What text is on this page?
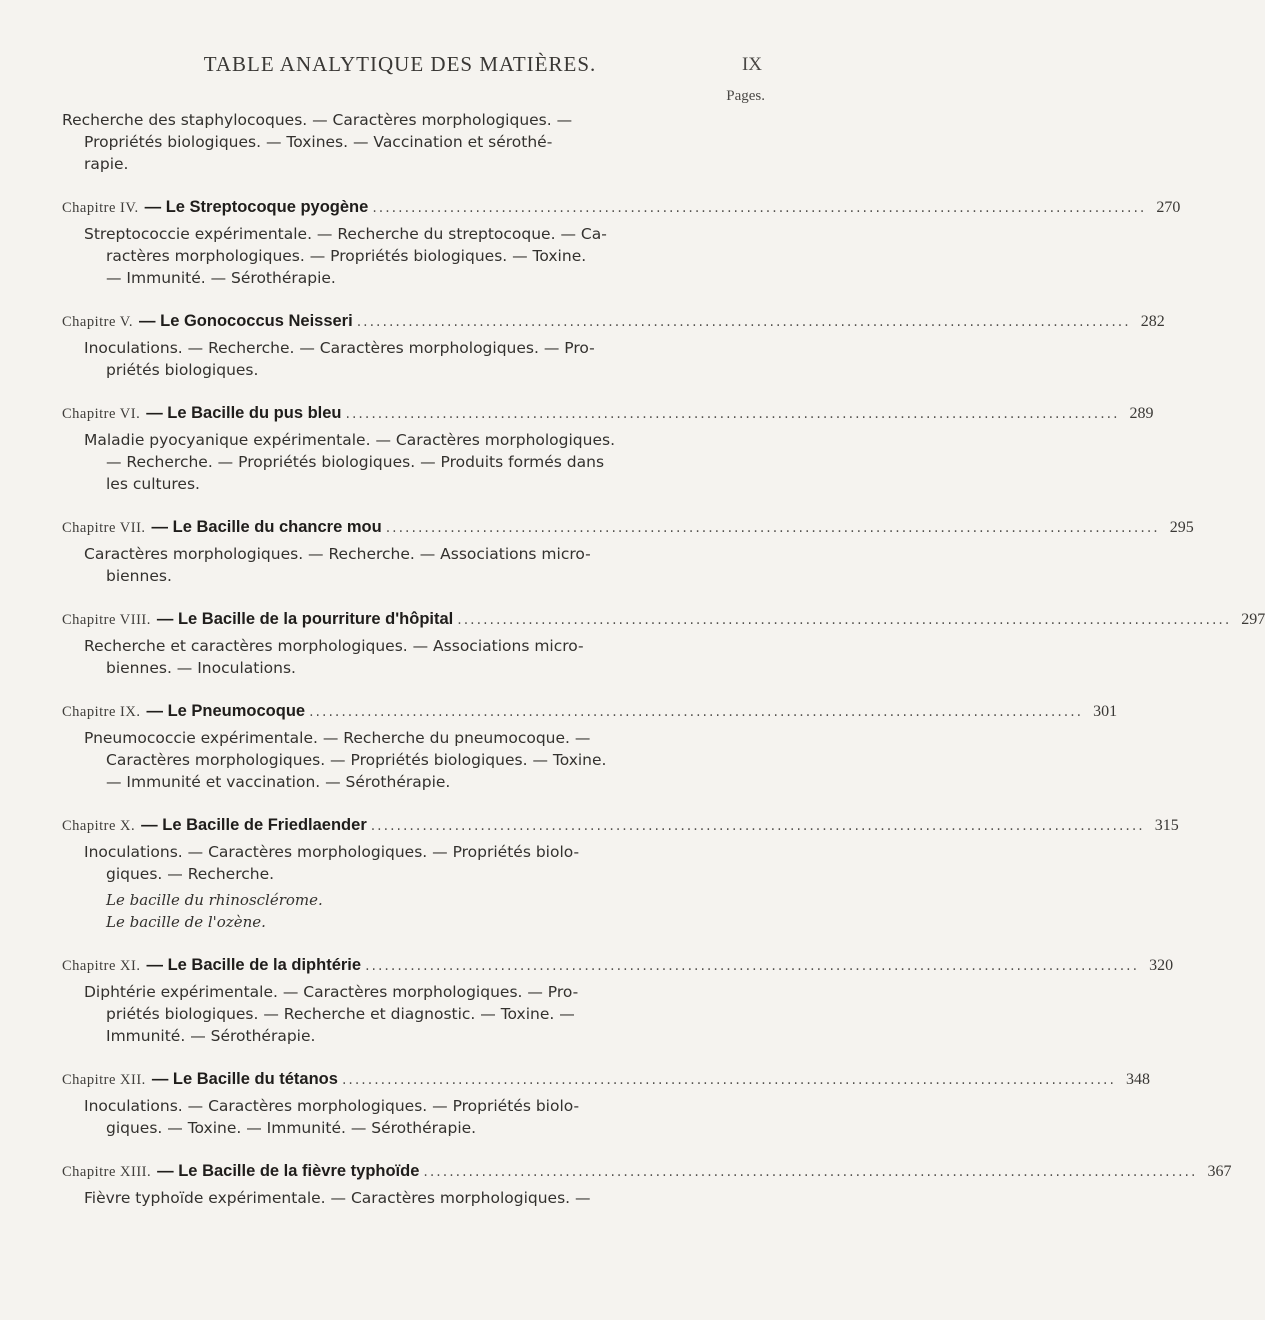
TABLE ANALYTIQUE DES MATIÈRES.	IX
Pages.
Recherche des staphylocoques. — Caractères morphologiques. —
Propriétés biologiques. — Toxines. — Vaccination et sérothé-
rapie.
Chapitre IV. — Le Streptocoque pyogène ........................................................................................................................ 270
Streptococcie expérimentale. — Recherche du streptocoque. — Ca-
ractères morphologiques. — Propriétés biologiques. — Toxine.
— Immunité. — Sérothérapie.
Chapitre V. — Le Gonococcus Neisseri ........................................................................................................................ 282
Inoculations. — Recherche. — Caractères morphologiques. — Pro-
priétés biologiques.
Chapitre VI. — Le Bacille du pus bleu ........................................................................................................................ 289
Maladie pyocyanique expérimentale. — Caractères morphologiques.
— Recherche. — Propriétés biologiques. — Produits formés dans
les cultures.
Chapitre VII. — Le Bacille du chancre mou ........................................................................................................................ 295
Caractères morphologiques. — Recherche. — Associations micro-
biennes.
Chapitre VIII. — Le Bacille de la pourriture d'hôpital ........................................................................................................................ 297
Recherche et caractères morphologiques. — Associations micro-
biennes. — Inoculations.
Chapitre IX. — Le Pneumocoque ........................................................................................................................ 301
Pneumococcie expérimentale. — Recherche du pneumocoque. —
Caractères morphologiques. — Propriétés biologiques. — Toxine.
— Immunité et vaccination. — Sérothérapie.
Chapitre X. — Le Bacille de Friedlaender ........................................................................................................................ 315
Inoculations. — Caractères morphologiques. — Propriétés biolo-
giques. — Recherche.
Le bacille du rhinosclérome.
Le bacille de l'ozène.
Chapitre XI. — Le Bacille de la diphtérie ........................................................................................................................ 320
Diphtérie expérimentale. — Caractères morphologiques. — Pro-
priétés biologiques. — Recherche et diagnostic. — Toxine. —
Immunité. — Sérothérapie.
Chapitre XII. — Le Bacille du tétanos ........................................................................................................................ 348
Inoculations. — Caractères morphologiques. — Propriétés biolo-
giques. — Toxine. — Immunité. — Sérothérapie.
Chapitre XIII. — Le Bacille de la fièvre typhoïde ........................................................................................................................ 367
Fièvre typhoïde expérimentale. — Caractères morphologiques. —
